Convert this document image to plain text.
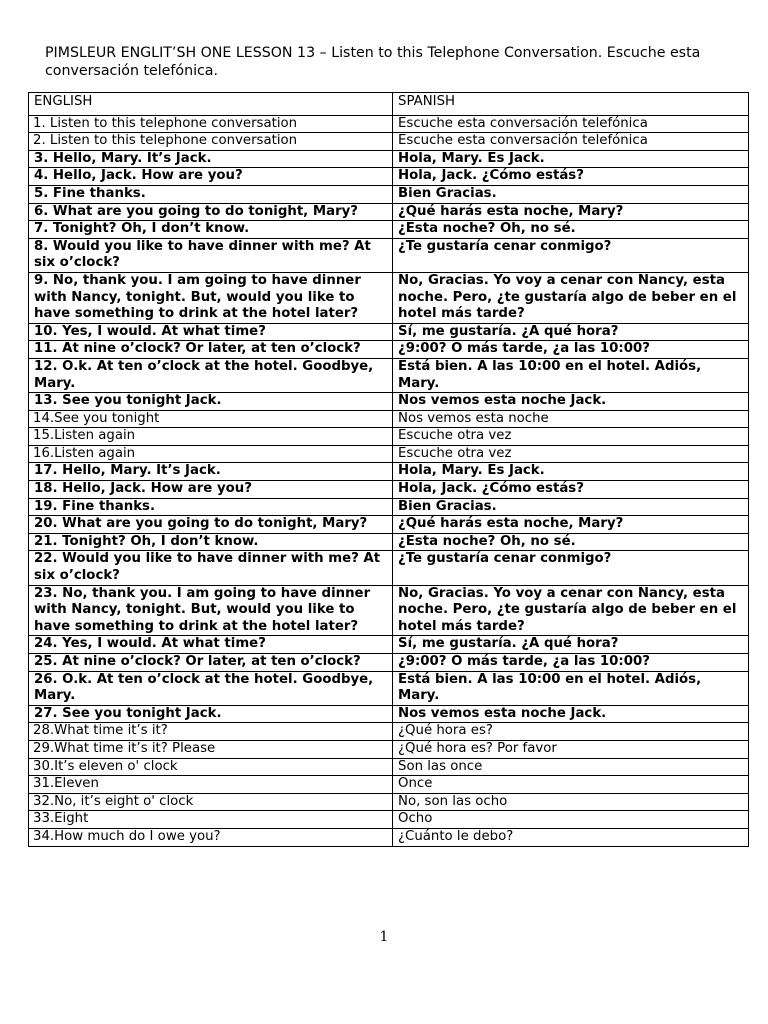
PIMSLEUR ENGLIT’SH ONE LESSON 13 – Listen to this Telephone Conversation. Escuche esta conversación telefónica.

ENGLISH	SPANISH
1. Listen to this telephone conversation	Escuche esta conversación telefónica
2. Listen to this telephone conversation	Escuche esta conversación telefónica
3. Hello, Mary. It’s Jack.	Hola, Mary. Es Jack.
4. Hello, Jack. How are you?	Hola, Jack. ¿Cómo estás?
5. Fine thanks.	Bien Gracias.
6. What are you going to do tonight, Mary?	¿Qué harás esta noche, Mary?
7. Tonight? Oh, I don’t know.	¿Esta noche? Oh, no sé.
8. Would you like to have dinner with me? At six o’clock?	¿Te gustaría cenar conmigo?
9. No, thank you. I am going to have dinner with Nancy, tonight. But, would you like to have something to drink at the hotel later?	No, Gracias. Yo voy a cenar con Nancy, esta noche. Pero, ¿te gustaría algo de beber en el hotel más tarde?
10. Yes, I would. At what time?	Sí, me gustaría. ¿A qué hora?
11. At nine o’clock? Or later, at ten o’clock?	¿9:00? O más tarde, ¿a las 10:00?
12. O.k. At ten o’clock at the hotel. Goodbye, Mary.	Está bien. A las 10:00 en el hotel. Adiós, Mary.
13. See you tonight Jack.	Nos vemos esta noche Jack.
14.See you tonight	Nos vemos esta noche
15.Listen again	Escuche otra vez
16.Listen again	Escuche otra vez
17. Hello, Mary. It’s Jack.	Hola, Mary. Es Jack.
18. Hello, Jack. How are you?	Hola, Jack. ¿Cómo estás?
19. Fine thanks.	Bien Gracias.
20. What are you going to do tonight, Mary?	¿Qué harás esta noche, Mary?
21. Tonight? Oh, I don’t know.	¿Esta noche? Oh, no sé.
22. Would you like to have dinner with me? At six o’clock?	¿Te gustaría cenar conmigo?
23. No, thank you. I am going to have dinner with Nancy, tonight. But, would you like to have something to drink at the hotel later?	No, Gracias. Yo voy a cenar con Nancy, esta noche. Pero, ¿te gustaría algo de beber en el hotel más tarde?
24. Yes, I would. At what time?	Sí, me gustaría. ¿A qué hora?
25. At nine o’clock? Or later, at ten o’clock?	¿9:00? O más tarde, ¿a las 10:00?
26. O.k. At ten o’clock at the hotel. Goodbye, Mary.	Está bien. A las 10:00 en el hotel. Adiós, Mary.
27. See you tonight Jack.	Nos vemos esta noche Jack.
28.What time it’s it?	¿Qué hora es?
29.What time it’s it? Please	¿Qué hora es? Por favor
30.It’s eleven o' clock	Son las once
31.Eleven	Once
32.No, it’s eight o' clock	No, son las ocho
33.Eight	Ocho
34.How much do I owe you?	¿Cuánto le debo?
1
